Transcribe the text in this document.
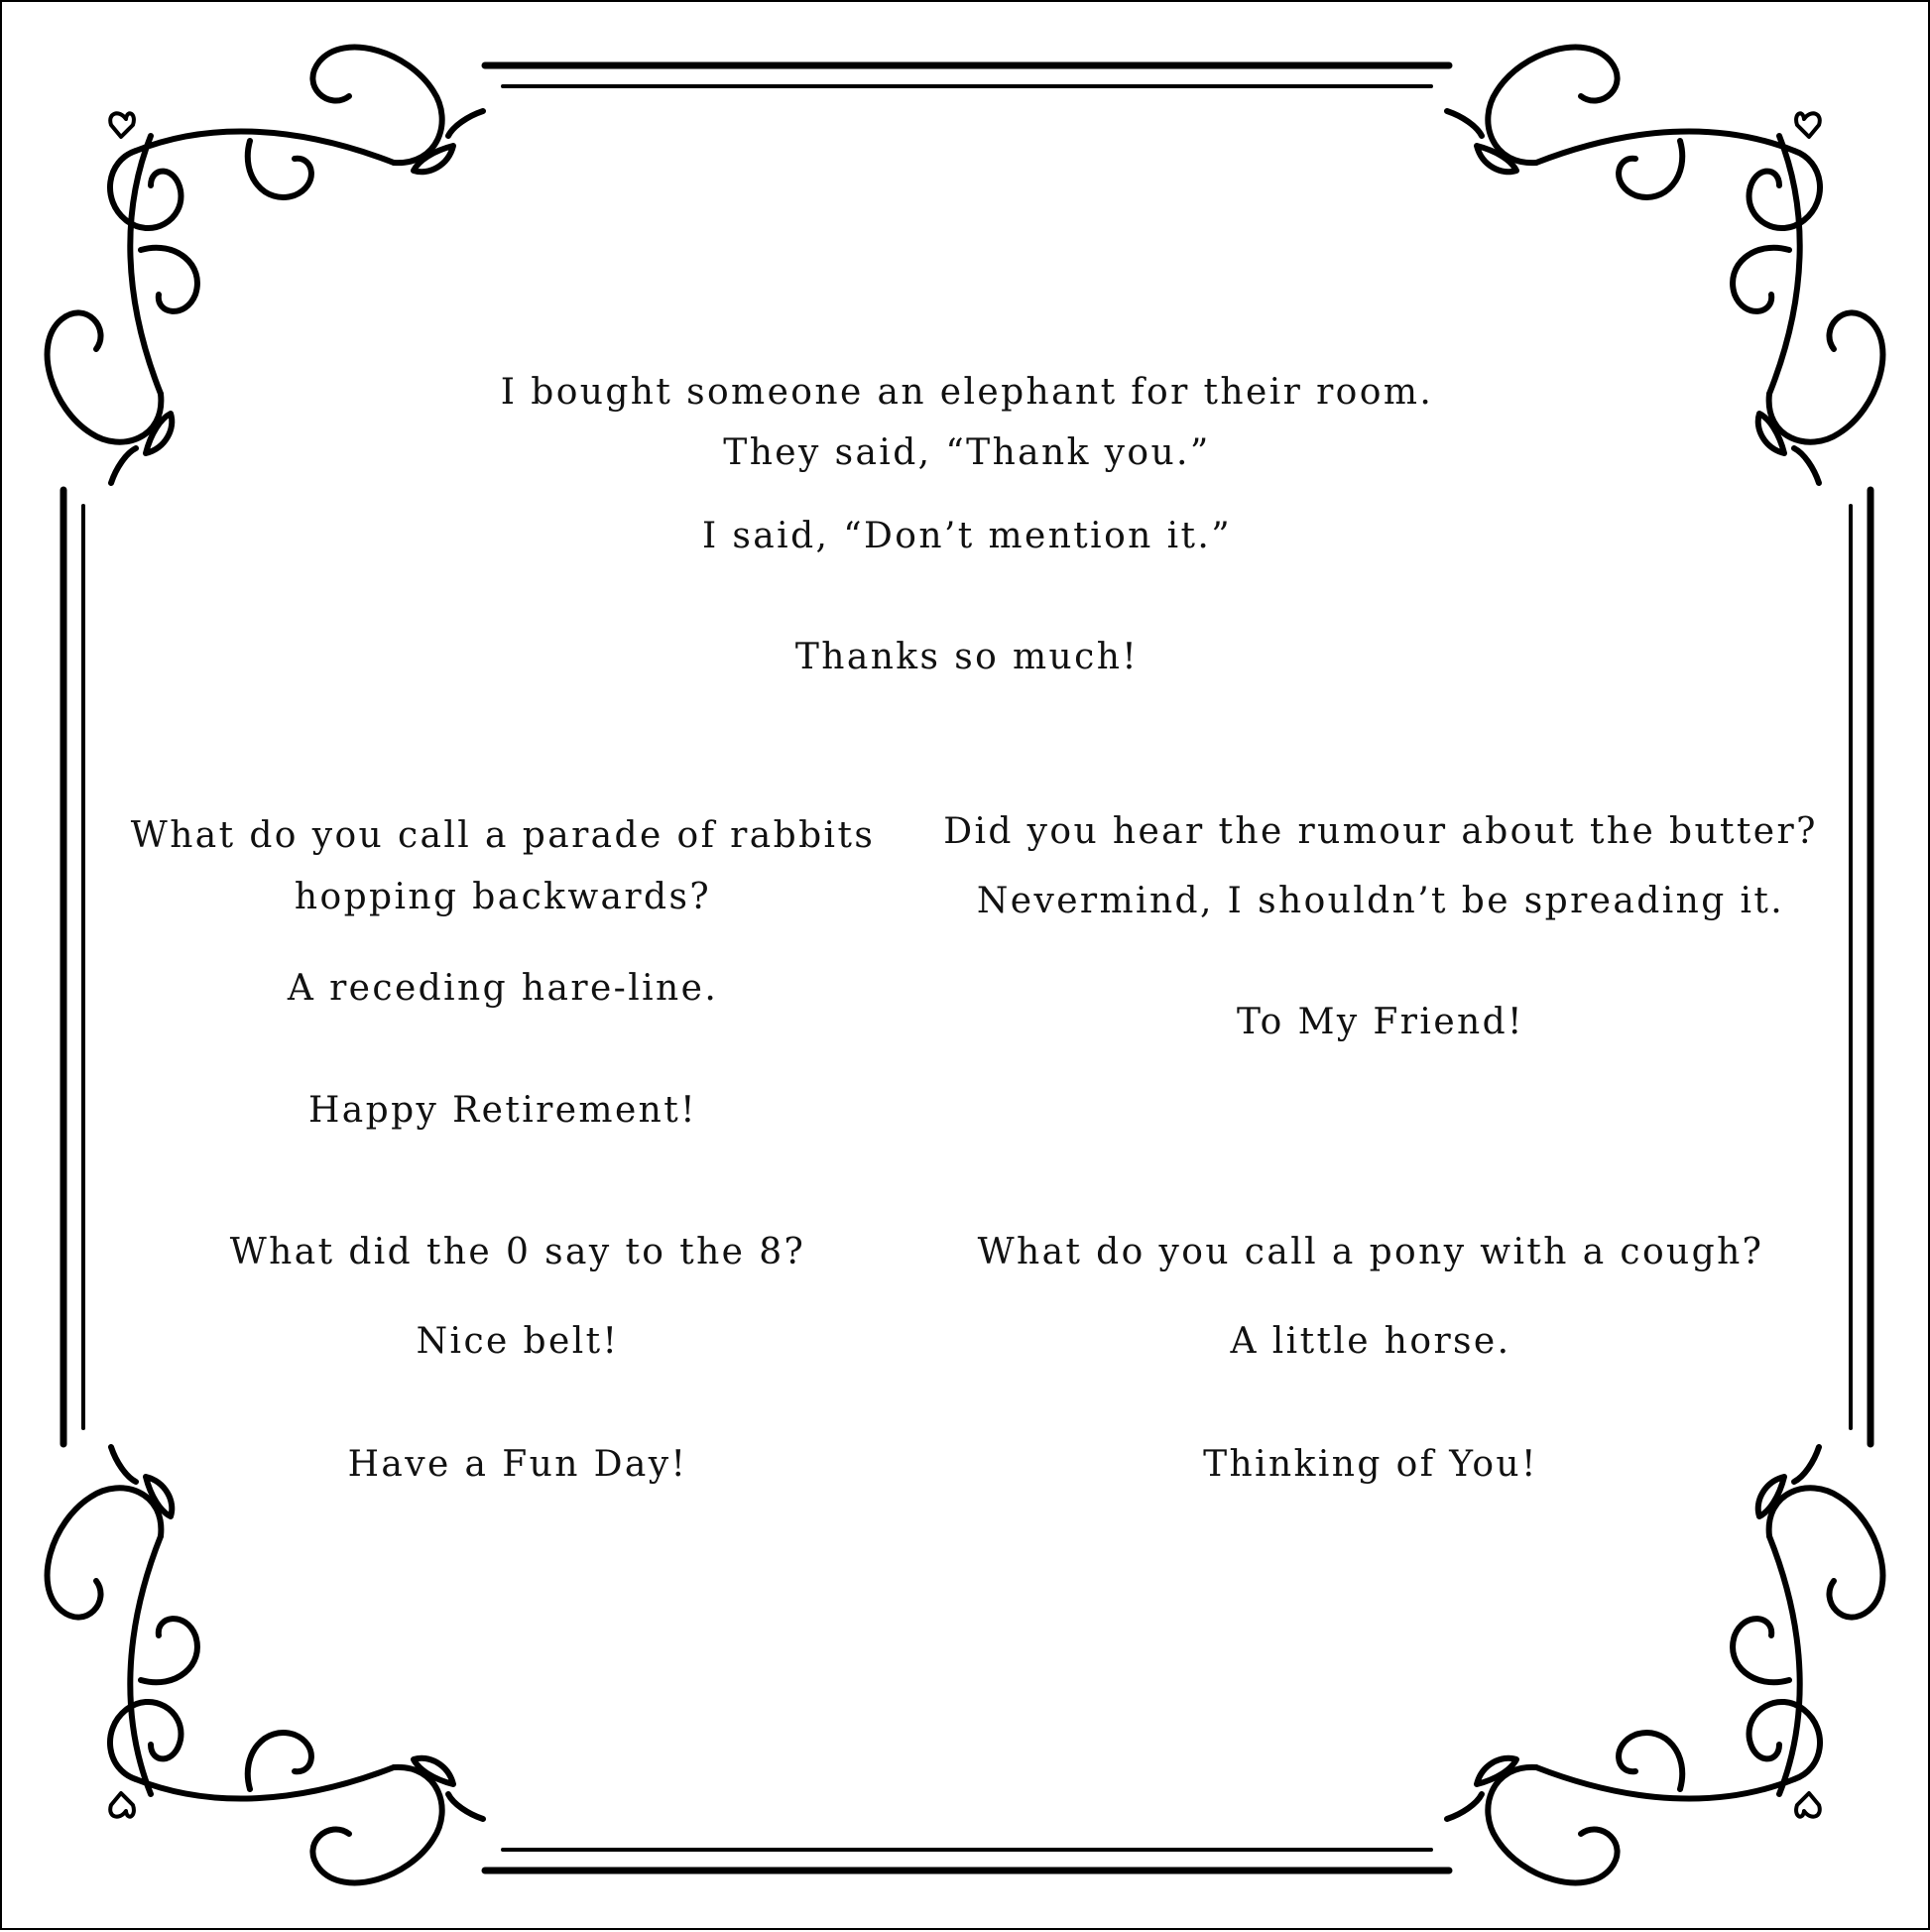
I bought someone an elephant for their room.

They said, “Thank you.”

I said, “Don’t mention it.”

Thanks so much!

What do you call a parade of rabbits

hopping backwards?

A receding hare-line.

Happy Retirement!

Did you hear the rumour about the butter?

Nevermind, I shouldn’t be spreading it.

To My Friend!

What did the 0 say to the 8?

Nice belt!

Have a Fun Day!

What do you call a pony with a cough?

A little horse.

Thinking of You!
